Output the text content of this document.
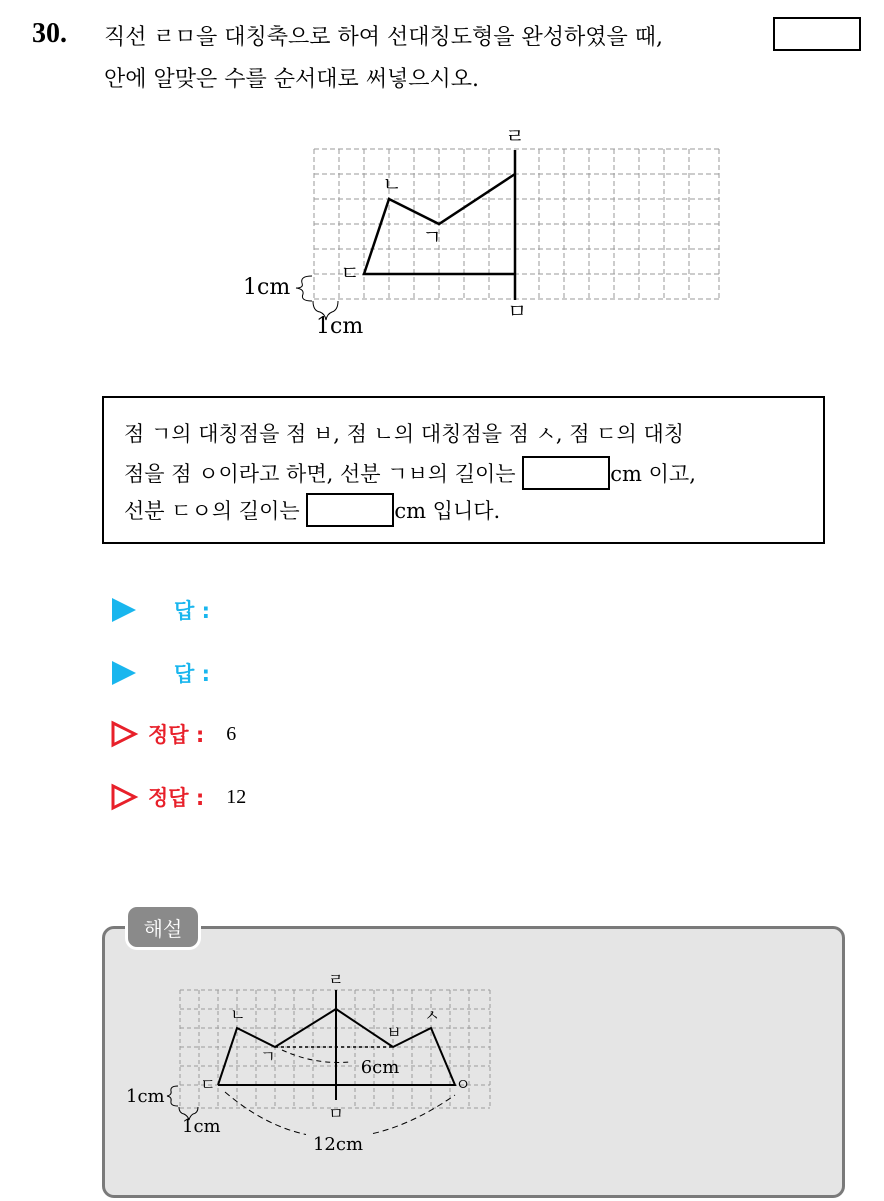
30. 직선 ㄹㅁ을 대칭축으로 하여 선대칭도형을 완성하였을 때,
안에 알맞은 수를 순서대로 써넣으시오.
ㄹ
ㅁ
ㄱ
ㄴ
ㄷ
1cm
1cm
점 ㄱ의 대칭점을 점 ㅂ, 점 ㄴ의 대칭점을 점 ㅅ, 점 ㄷ의 대칭
점을 점 ㅇ이라고 하면, 선분 ㄱㅂ의 길이는	cm 이고,
선분 ㄷㅇ의 길이는	cm 입니다.
답 :
답 :
정답 : 6
정답 : 12
해설
ㄹ
ㅁ
ㄱ
ㄴ
ㄷ
ㅂ
ㅅ
ㅇ
6cm
12cm
1cm
1cm
